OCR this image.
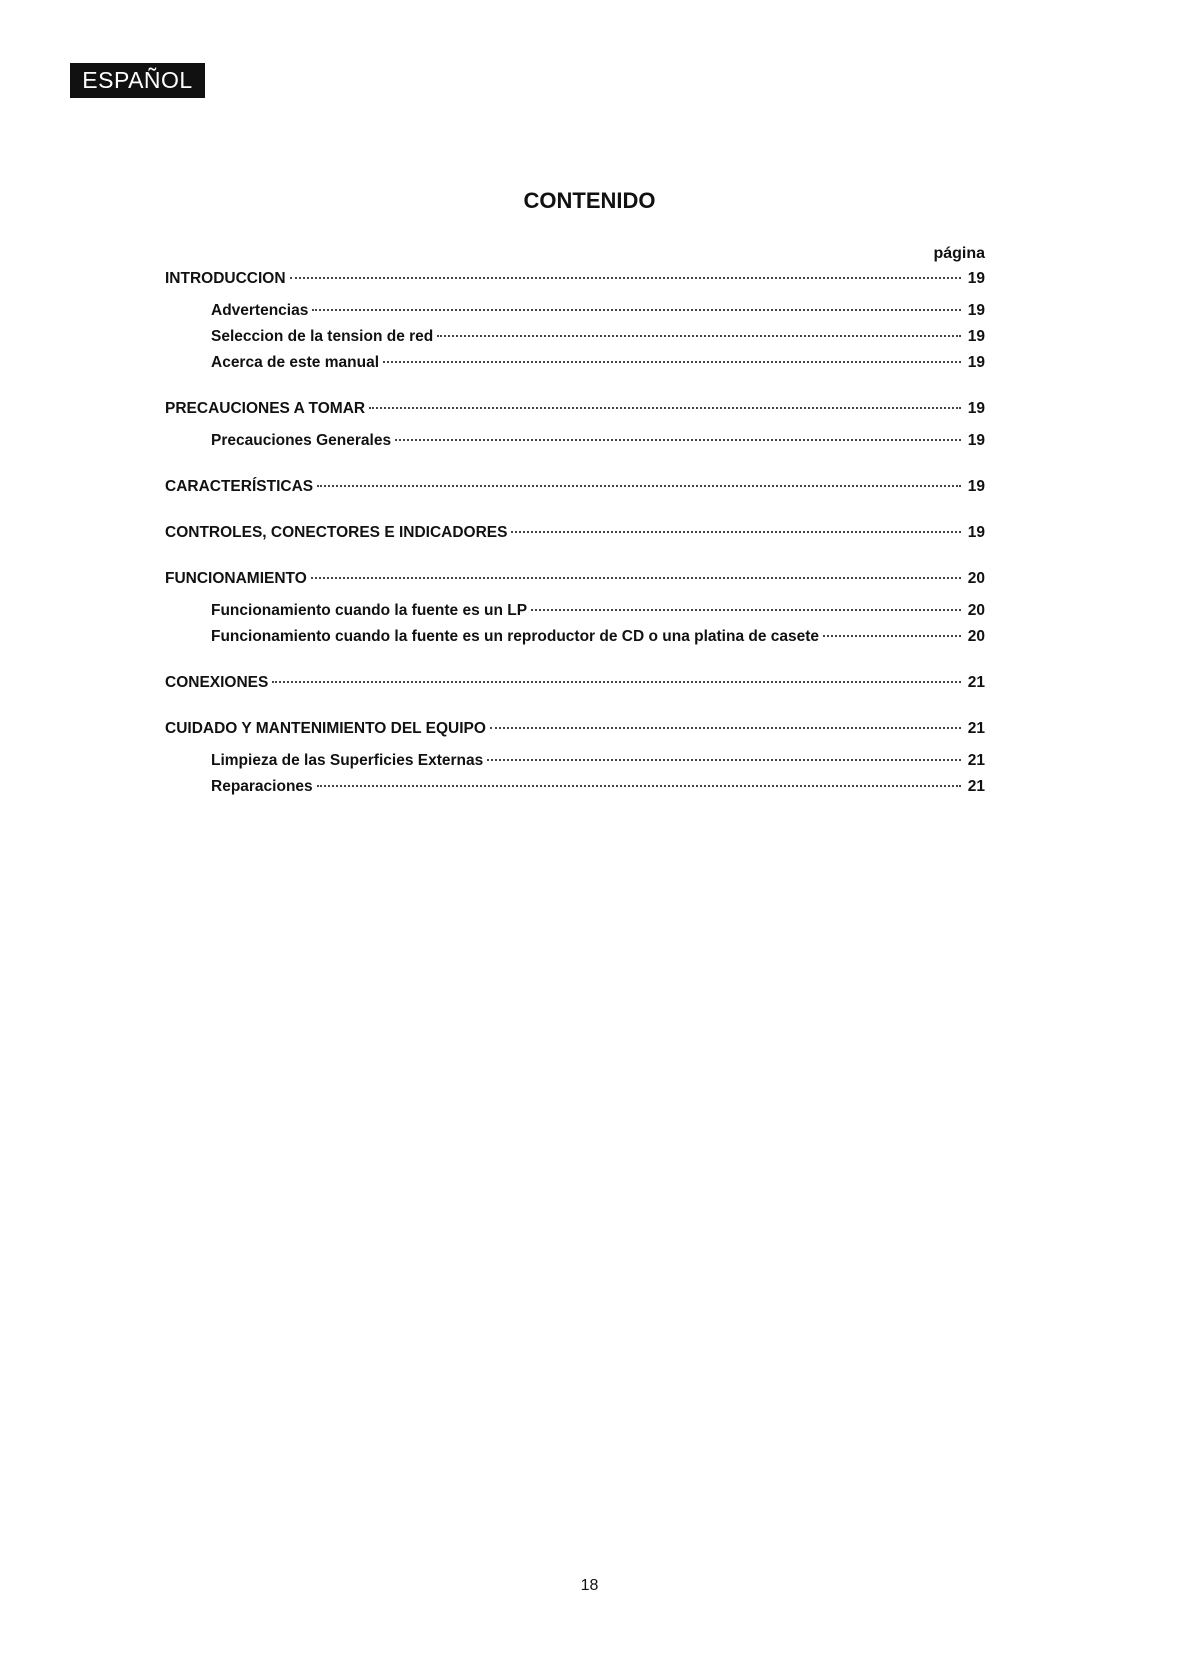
ESPAÑOL
CONTENIDO
página
INTRODUCCION	19
Advertencias	19
Seleccion de la tension de red	19
Acerca de este manual	19
PRECAUCIONES A TOMAR	19
Precauciones Generales	19
CARACTERÍSTICAS	19
CONTROLES, CONECTORES E INDICADORES	19
FUNCIONAMIENTO	20
Funcionamiento cuando la fuente es un LP	20
Funcionamiento cuando la fuente es un reproductor de CD o una platina de casete	20
CONEXIONES	21
CUIDADO Y MANTENIMIENTO DEL EQUIPO	21
Limpieza de las Superficies Externas	21
Reparaciones	21
18
